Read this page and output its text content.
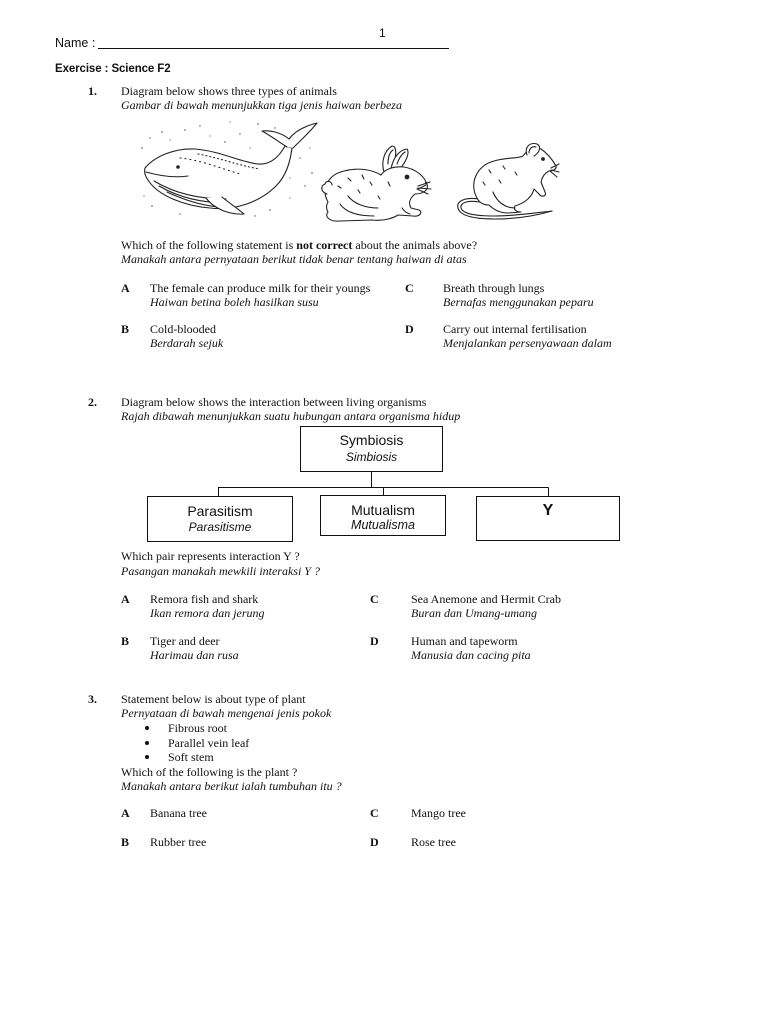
1
Name :
Exercise : Science F2
1. Diagram below shows three types of animals
Gambar di bawah menunjukkan tiga jenis haiwan berbeza
Which of the following statement is not correct about the animals above?
Manakah antara pernyataan berikut tidak benar tentang haiwan di atas
A The female can produce milk for their youngs
Haiwan betina boleh hasilkan susu
C Breath through lungs
Bernafas menggunakan peparu
B Cold-blooded
Berdarah sejuk
D Carry out internal fertilisation
Menjalankan persenyawaan dalam
2. Diagram below shows the interaction between living organisms
Rajah dibawah menunjukkan suatu hubungan antara organisma hidup
Symbiosis
Simbiosis
Parasitism
Parasitisme
Mutualism
Mutualisma
Y
Which pair represents interaction Y ?
Pasangan manakah mewkili interaksi Y ?
A Remora fish and shark
Ikan remora dan jerung
C	Sea Anemone and Hermit Crab
Buran dan Umang-umang
B Tiger and deer
Harimau dan rusa
D	Human and tapeworm
Manusia dan cacing pita
3. Statement below is about type of plant
Pernyataan di bawah mengenai jenis pokok
Fibrous root
Parallel vein leaf
Soft stem
Which of the following is the plant ?
Manakah antara berikut ialah tumbuhan itu ?
A Banana tree	C	Mango tree
B Rubber tree	D	Rose tree
